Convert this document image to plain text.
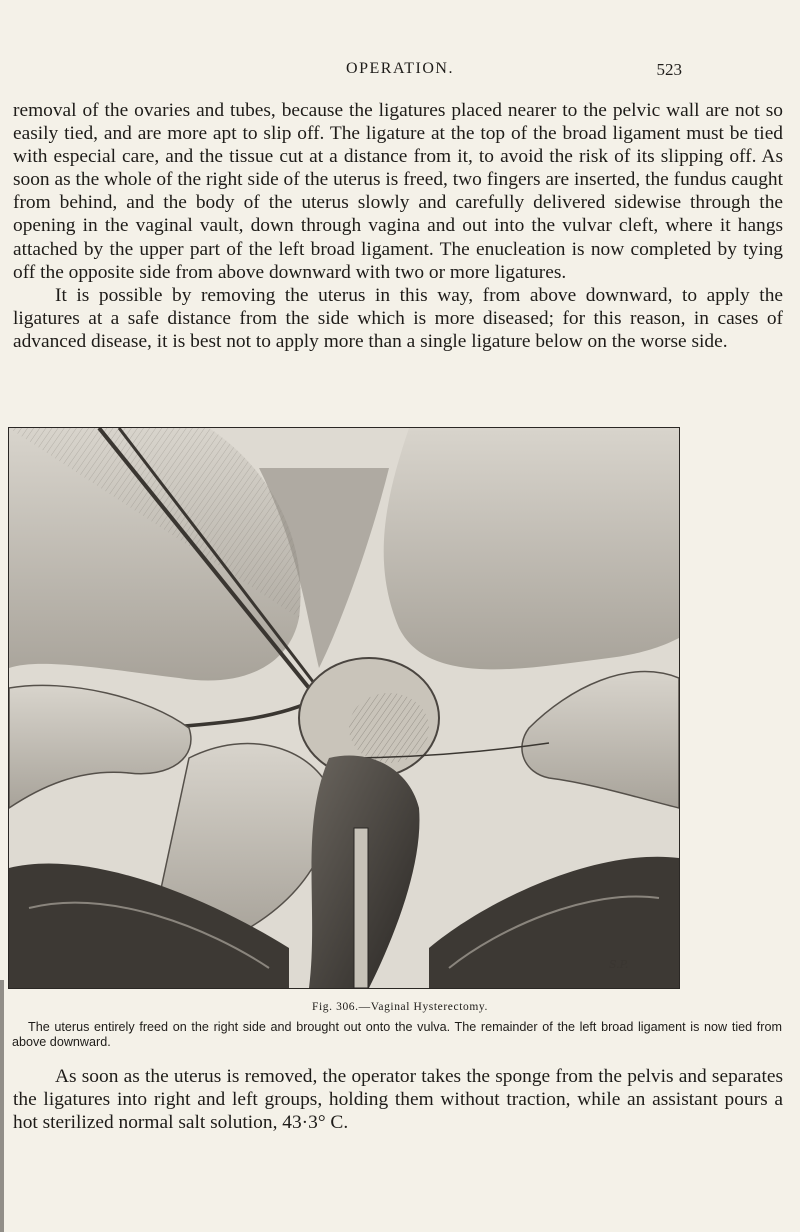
OPERATION.	523

removal of the ovaries and tubes, because the ligatures placed nearer to the pelvic wall are not so easily tied, and are more apt to slip off. The ligature at the top of the broad ligament must be tied with especial care, and the tissue cut at a distance from it, to avoid the risk of its slipping off. As soon as the whole of the right side of the uterus is freed, two fingers are inserted, the fundus caught from behind, and the body of the uterus slowly and carefully delivered sidewise through the opening in the vaginal vault, down through vagina and out into the vulvar cleft, where it hangs attached by the upper part of the left broad ligament. The enucleation is now completed by tying off the opposite side from above downward with two or more ligatures.

It is possible by removing the uterus in this way, from above downward, to apply the ligatures at a safe distance from the side which is more diseased; for this reason, in cases of advanced disease, it is best not to apply more than a single ligature below on the worse side.

S.P.
Fig. 306.—Vaginal Hysterectomy.
The uterus entirely freed on the right side and brought out onto the vulva. The remainder of the left broad ligament is now tied from above downward.

As soon as the uterus is removed, the operator takes the sponge from the pelvis and separates the ligatures into right and left groups, holding them without traction, while an assistant pours a hot sterilized normal salt solution, 43·3° C.
